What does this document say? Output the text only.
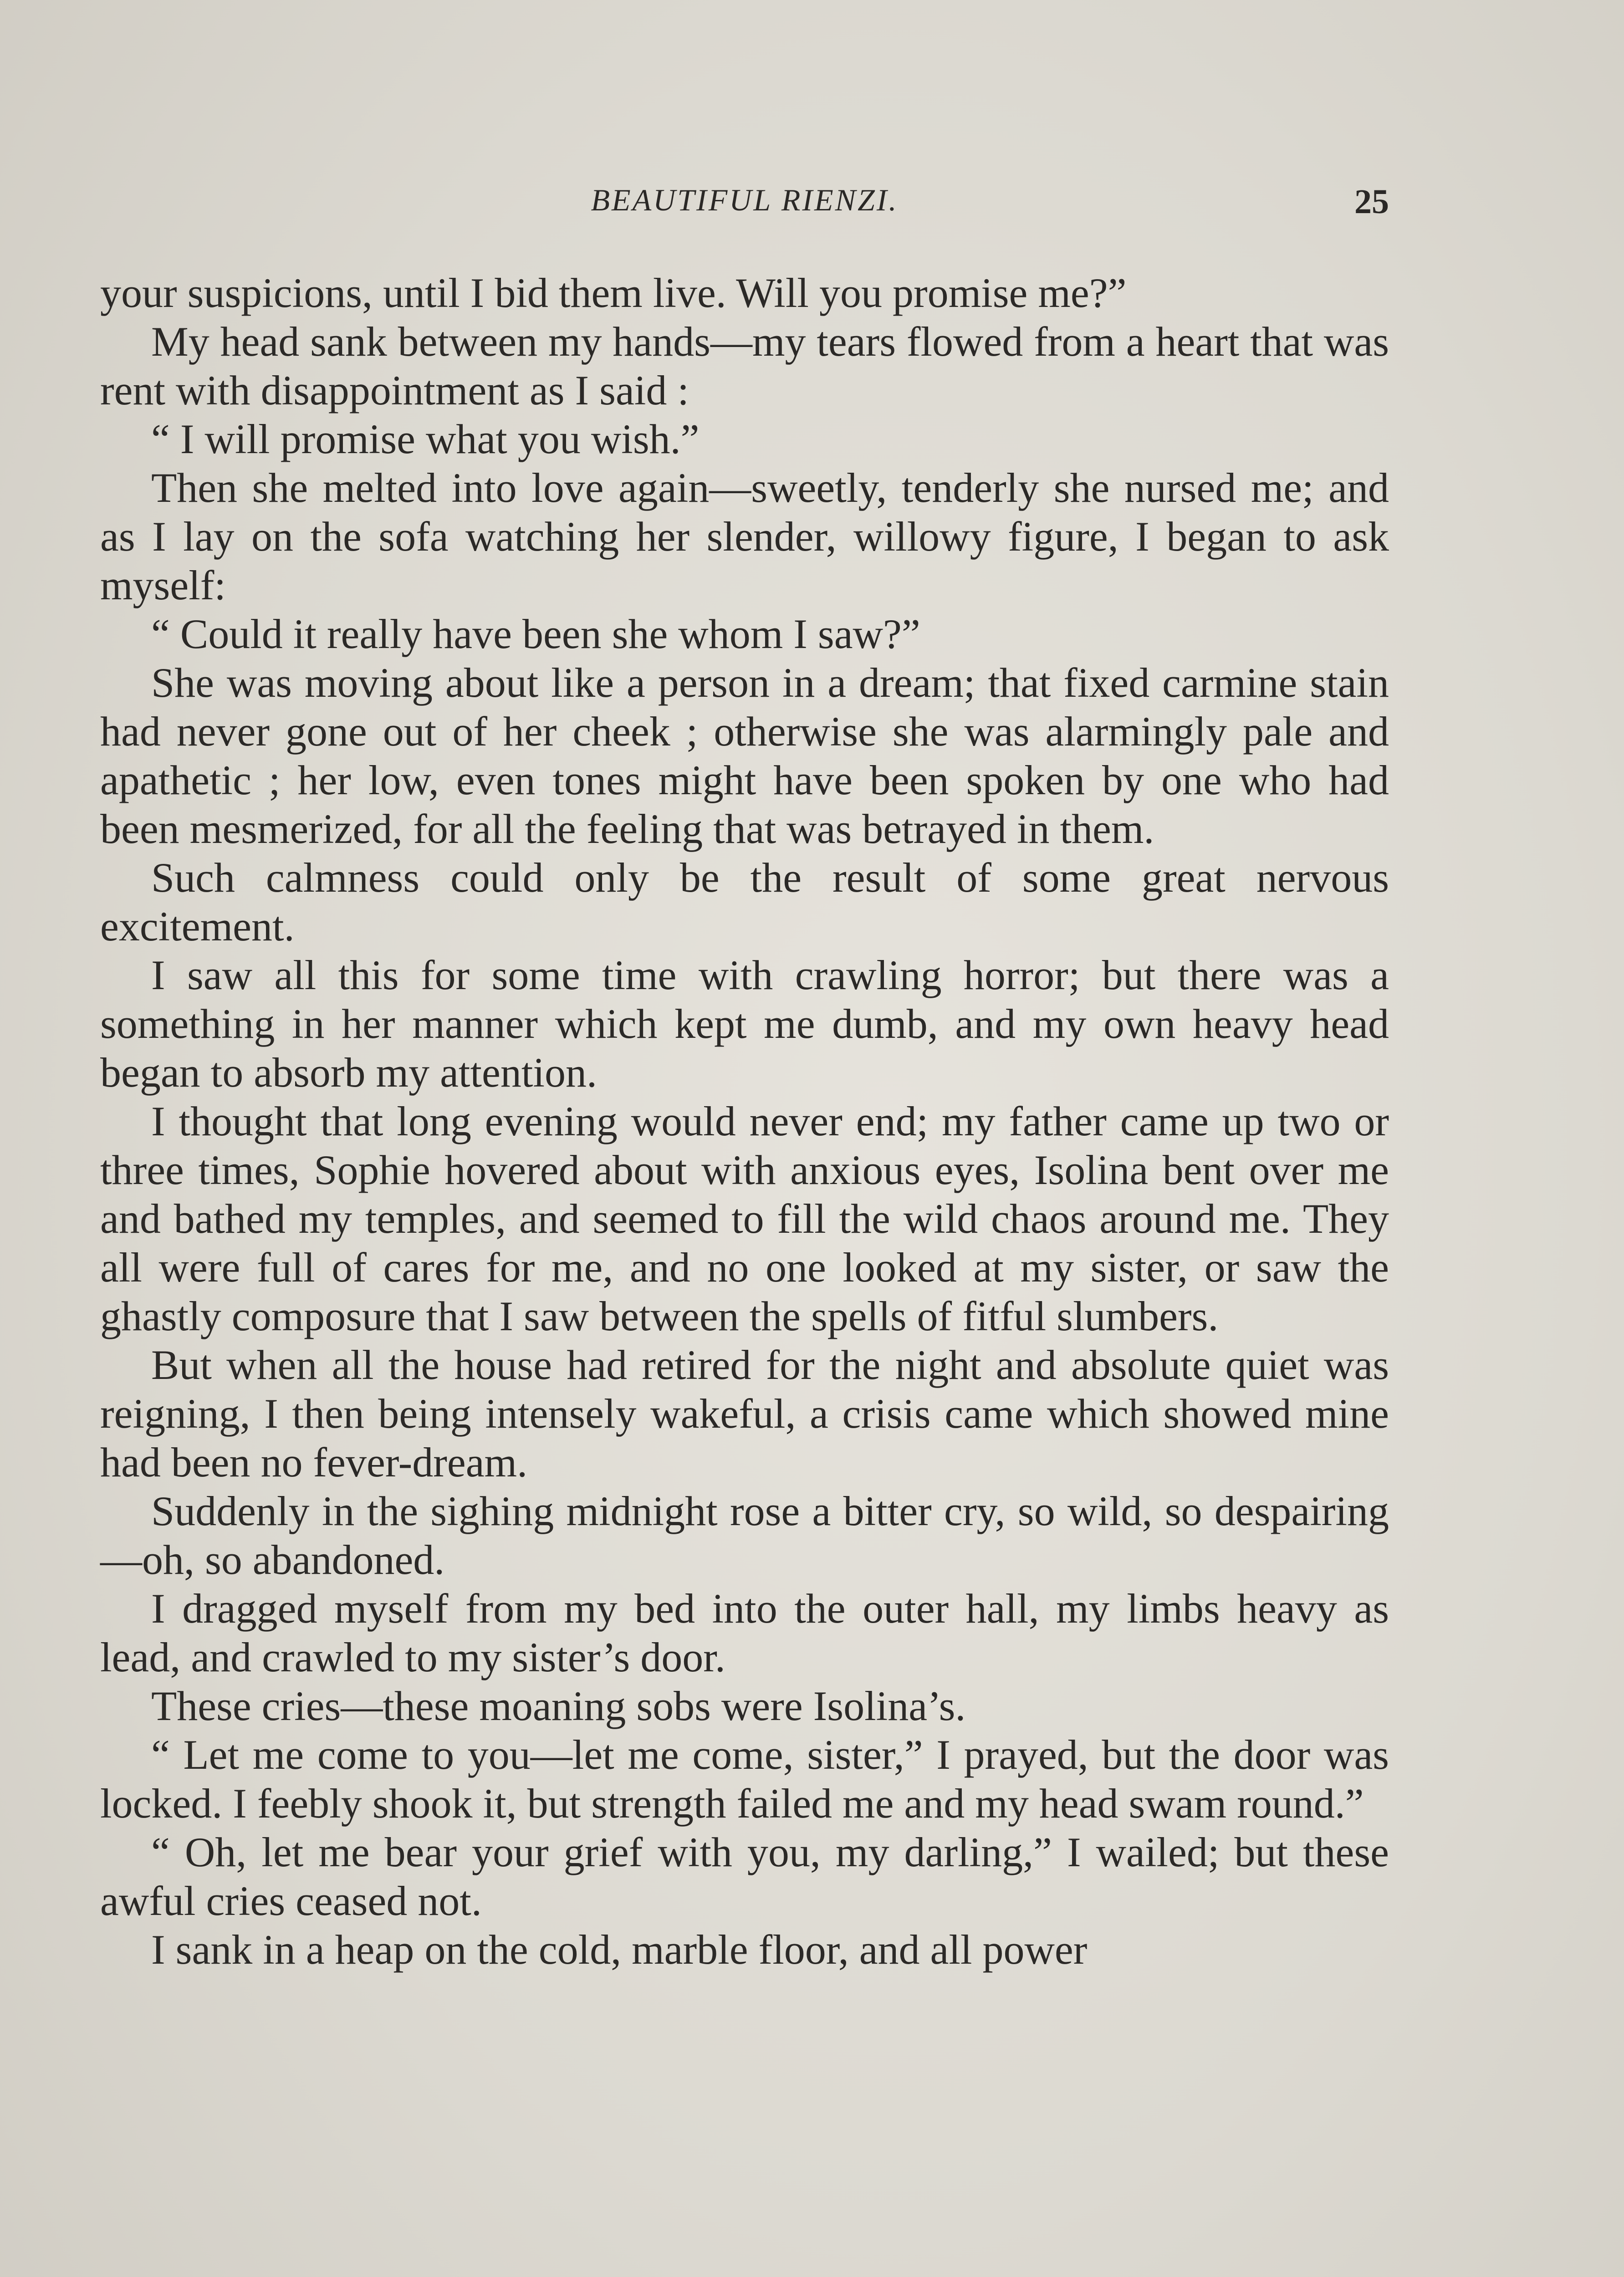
BEAUTIFUL RIENZI.	25

your suspicions, until I bid them live. Will you promise me?”

My head sank between my hands—my tears flowed from a heart that was rent with disappointment as I said :

“ I will promise what you wish.”

Then she melted into love again—sweetly, tenderly she nursed me; and as I lay on the sofa watching her slender, willowy figure, I began to ask myself:

“ Could it really have been she whom I saw?”

She was moving about like a person in a dream; that fixed carmine stain had never gone out of her cheek ; otherwise she was alarmingly pale and apathetic ; her low, even tones might have been spoken by one who had been mesmerized, for all the feeling that was betrayed in them.

Such calmness could only be the result of some great nervous excitement.

I saw all this for some time with crawling horror; but there was a something in her manner which kept me dumb, and my own heavy head began to absorb my attention.

I thought that long evening would never end; my father came up two or three times, Sophie hovered about with anxious eyes, Isolina bent over me and bathed my temples, and seemed to fill the wild chaos around me. They all were full of cares for me, and no one looked at my sister, or saw the ghastly composure that I saw between the spells of fitful slumbers.

But when all the house had retired for the night and absolute quiet was reigning, I then being intensely wakeful, a crisis came which showed mine had been no fever-dream.

Suddenly in the sighing midnight rose a bitter cry, so wild, so despairing—oh, so abandoned.

I dragged myself from my bed into the outer hall, my limbs heavy as lead, and crawled to my sister’s door.

These cries—these moaning sobs were Isolina’s.

“ Let me come to you—let me come, sister,” I prayed, but the door was locked. I feebly shook it, but strength failed me and my head swam round.”

“ Oh, let me bear your grief with you, my darling,” I wailed; but these awful cries ceased not.

I sank in a heap on the cold, marble floor, and all power
